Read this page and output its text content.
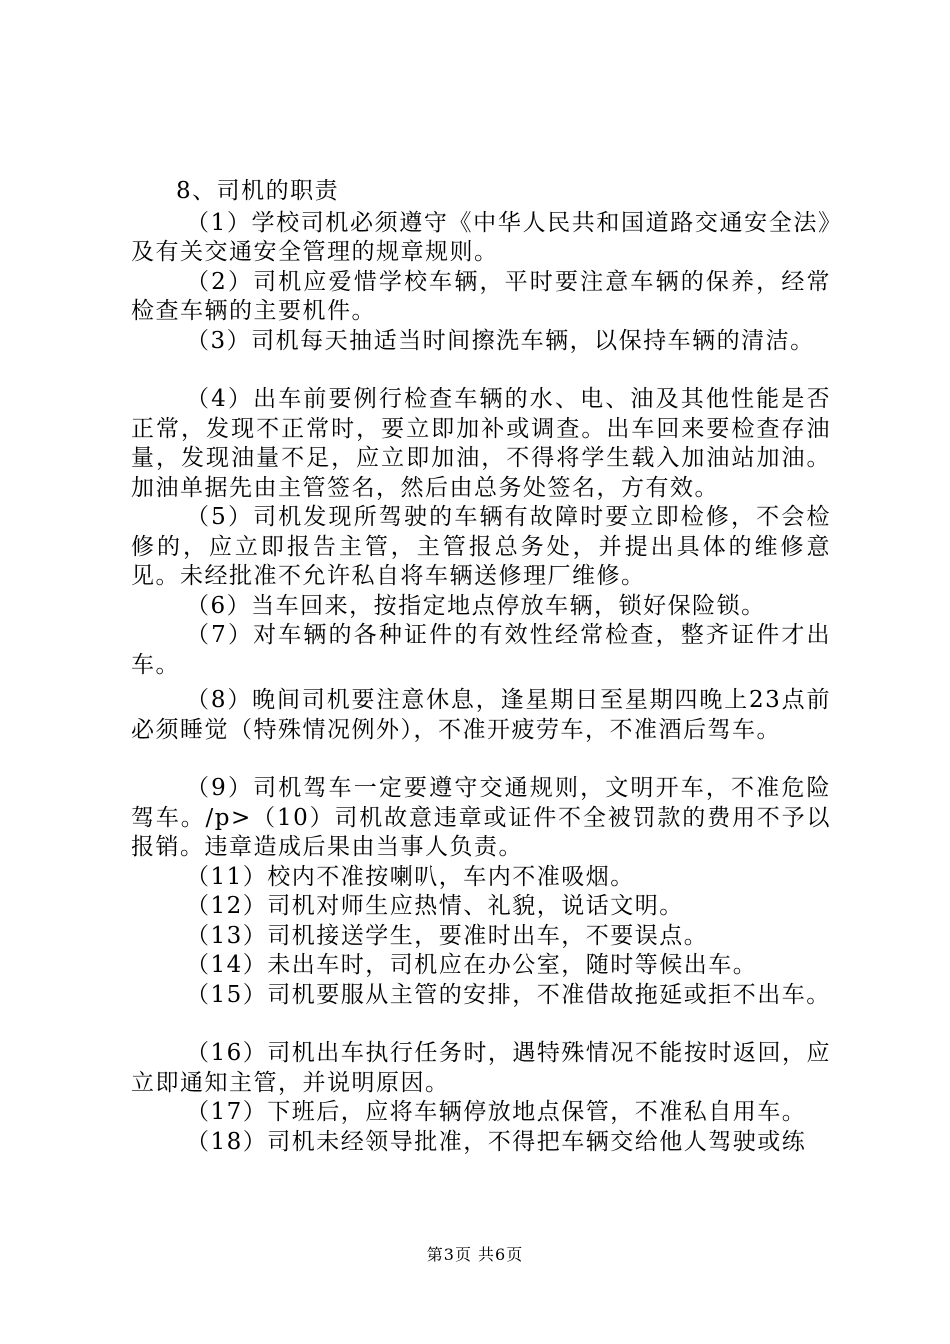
8、司机的职责

（1）学校司机必须遵守《中华人民共和国道路交通安全法》及有关交通安全管理的规章规则。

（2）司机应爱惜学校车辆，平时要注意车辆的保养，经常检查车辆的主要机件。

（3）司机每天抽适当时间擦洗车辆，以保持车辆的清洁。

（4）出车前要例行检查车辆的水、电、油及其他性能是否正常，发现不正常时，要立即加补或调查。出车回来要检查存油量，发现油量不足，应立即加油，不得将学生载入加油站加油。加油单据先由主管签名，然后由总务处签名，方有效。

（5）司机发现所驾驶的车辆有故障时要立即检修，不会检修的，应立即报告主管，主管报总务处，并提出具体的维修意见。未经批准不允许私自将车辆送修理厂维修。

（6）当车回来，按指定地点停放车辆，锁好保险锁。

（7）对车辆的各种证件的有效性经常检查，整齐证件才出车。

（8）晚间司机要注意休息，逢星期日至星期四晚上23点前必须睡觉（特殊情况例外），不准开疲劳车，不准酒后驾车。

（9）司机驾车一定要遵守交通规则，文明开车，不准危险驾车。/p>（10）司机故意违章或证件不全被罚款的费用不予以报销。违章造成后果由当事人负责。

（11）校内不准按喇叭，车内不准吸烟。

（12）司机对师生应热情、礼貌，说话文明。

（13）司机接送学生，要准时出车，不要误点。

（14）未出车时，司机应在办公室，随时等候出车。

（15）司机要服从主管的安排，不准借故拖延或拒不出车。

（16）司机出车执行任务时，遇特殊情况不能按时返回，应立即通知主管，并说明原因。

（17）下班后，应将车辆停放地点保管，不准私自用车。

（18）司机未经领导批准，不得把车辆交给他人驾驶或练

第3页 共6页
